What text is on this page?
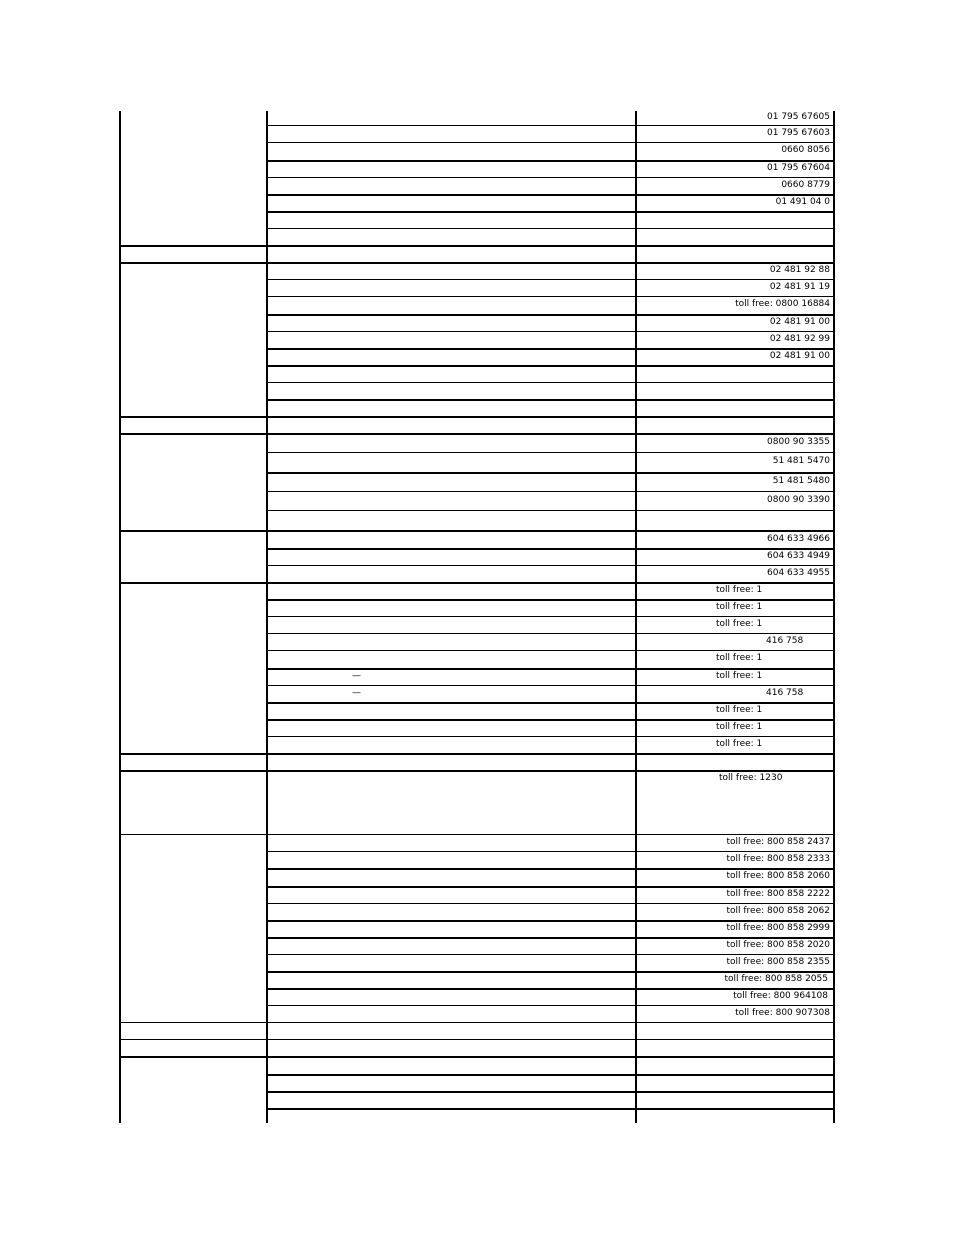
01 795 67605
01 795 67603
0660 8056
01 795 67604
0660 8779
01 491 04 0
02 481 92 88
02 481 91 19
toll free: 0800 16884
02 481 91 00
02 481 92 99
02 481 91 00
0800 90 3355
51 481 5470
51 481 5480
0800 90 3390
604 633 4966
604 633 4949
604 633 4955
toll free: 1
toll free: 1
toll free: 1
416 758
toll free: 1
toll free: 1
—
416 758
—
toll free: 1
toll free: 1
toll free: 1
toll free: 1230
toll free: 800 858 2437
toll free: 800 858 2333
toll free: 800 858 2060
toll free: 800 858 2222
toll free: 800 858 2062
toll free: 800 858 2999
toll free: 800 858 2020
toll free: 800 858 2355
toll free: 800 858 2055
toll free: 800 964108
toll free: 800 907308
